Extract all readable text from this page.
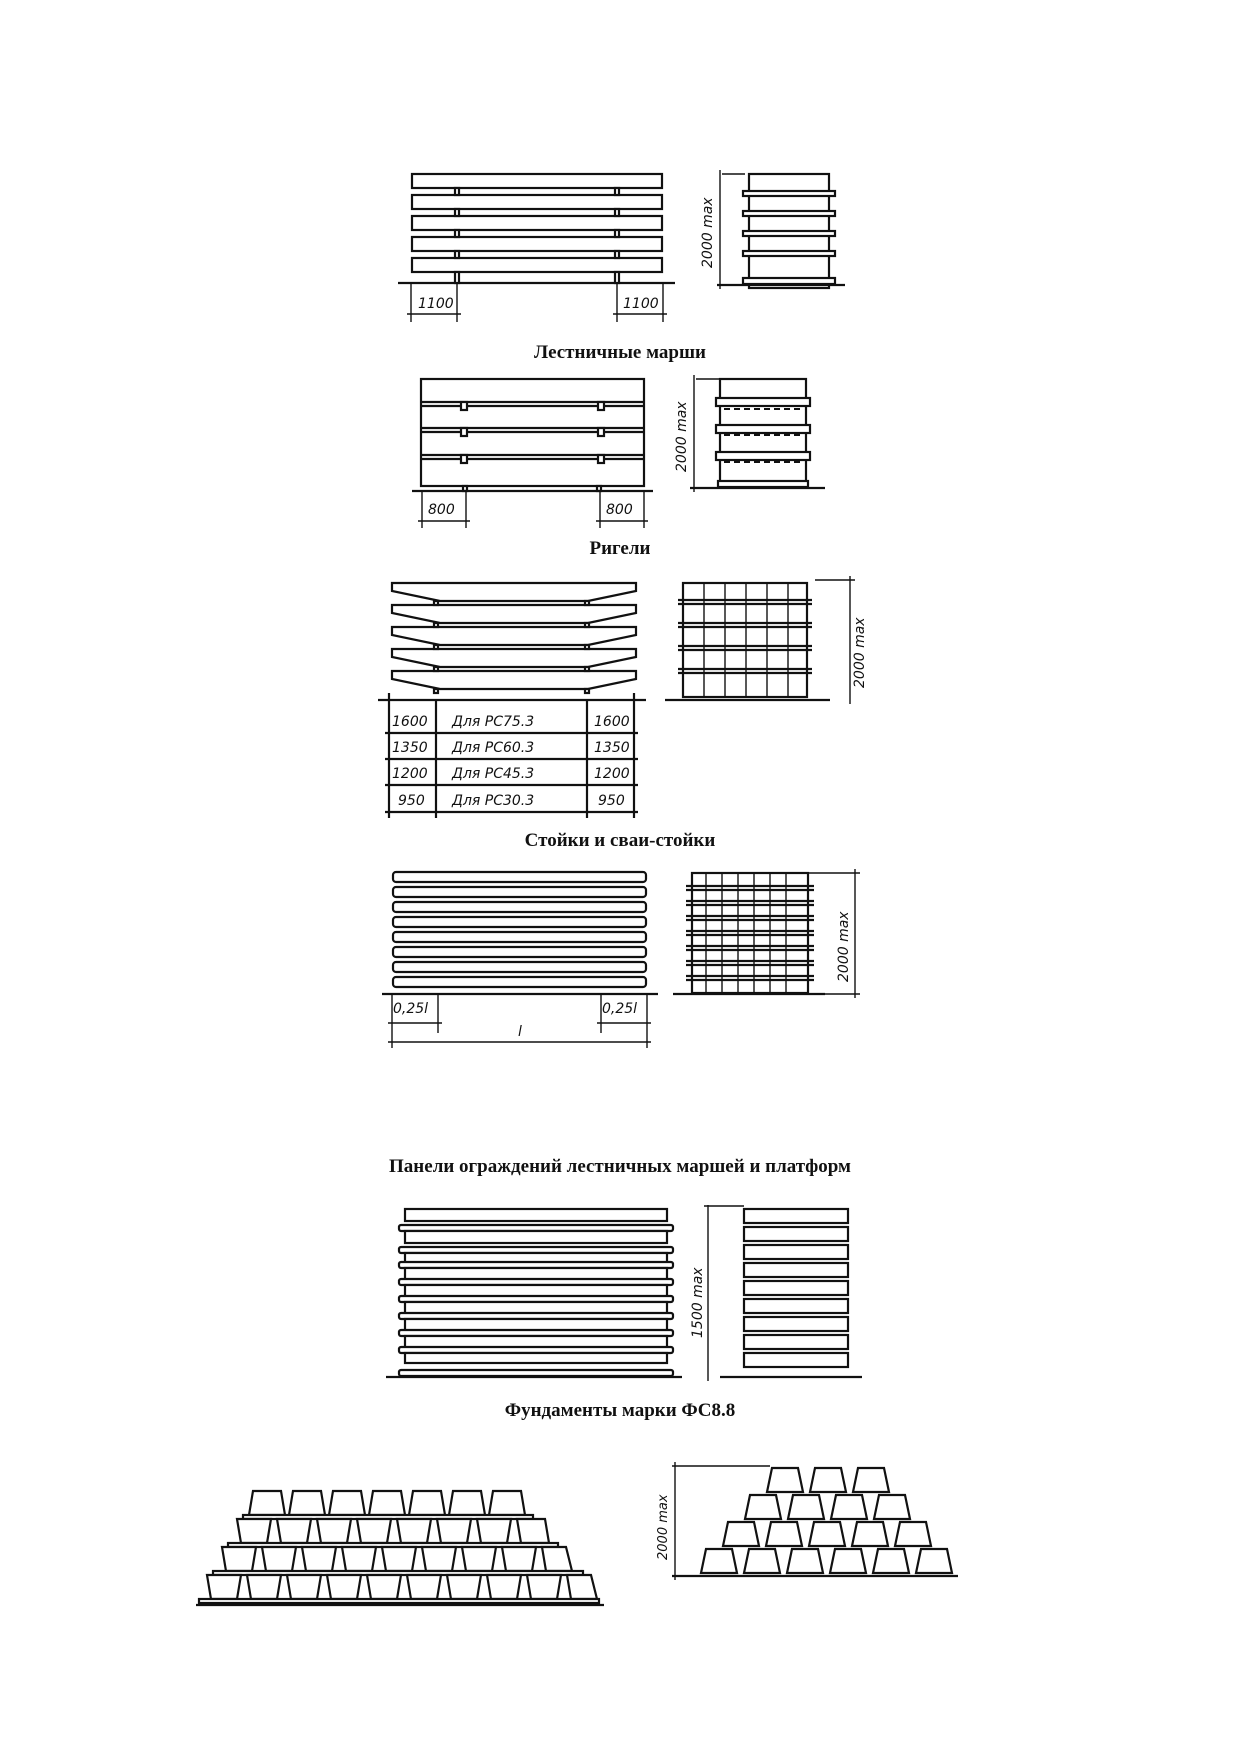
1100	1100
2000 max
Лестничные марши
800	800
2000 max
Ригели
1600 Для РС75.3	1600
1350 Для РС60.3	1350
1200 Для РС45.3	1200
950 Для РС30.3	950
2000 max
Стойки и сваи-стойки
0,25l	0,25l
l
2000 max
Панели ограждений лестничных маршей и платформ
1500 max
Фундаменты марки ФС8.8
2000 max
